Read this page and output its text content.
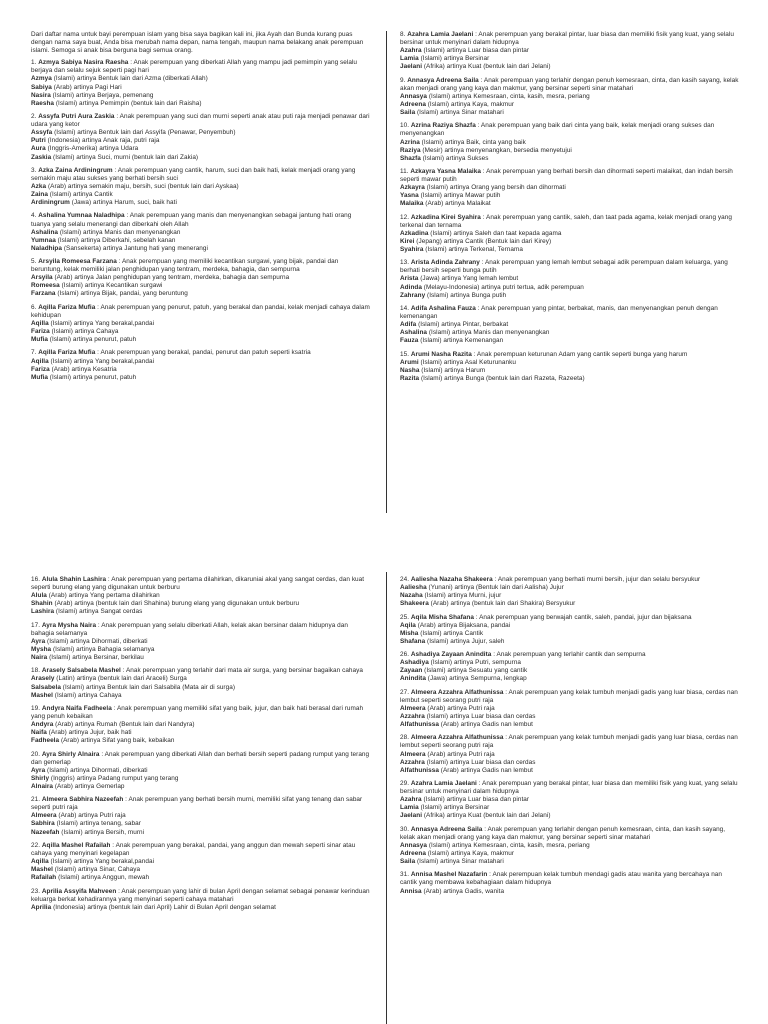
Dari daftar nama untuk bayi perempuan islam yang bisa saya bagikan kali ini, jika Ayah dan Bunda kurang puas dengan nama saya buat, Anda bisa merubah nama depan, nama tengah, maupun nama belakang anak perempuan islami. Semoga si anak bisa berguna bagi semua orang.

1. Azmya Sabiya Nasira Raesha : Anak perempuan yang diberkati Allah yang mampu jadi pemimpin yang selalu berjaya dan selalu sejuk seperti pagi hari

Azmya (Islami) artinya Bentuk lain dari Azma (diberkati Allah)
Sabiya (Arab) artinya Pagi Hari
Nasira (Islami) artinya Berjaya, pemenang
Raesha (Islami) artinya Pemimpin (bentuk lain dari Raisha)

2. Assyfa Putri Aura Zaskia : Anak perempuan yang suci dan murni seperti anak atau puti raja menjadi penawar dari udara yang ketor

Assyfa (Islami) artinya Bentuk lain dari Assyifa (Penawar, Penyembuh)
Putri (Indonesia) artinya Anak raja, putri raja
Aura (Inggris-Amerika) artinya Udara
Zaskia (Islami) artinya Suci, murni (bentuk lain dari Zakia)

3. Azka Zaina Ardiningrum : Anak perempuan yang cantik, harum, suci dan baik hati, kelak menjadi orang yang semakin maju atau sukses yang berhati bersih suci

Azka (Arab) artinya semakin maju, bersih, suci (bentuk lain dari Ayskaa)
Zaina (Islami) artinya Cantik
Ardiningrum (Jawa) artinya Harum, suci, baik hati

4. Ashalina Yumnaa Naladhipa : Anak perempuan yang manis dan menyenangkan sebagai jantung hati orang tuanya yang selalu menerangi dan diberkahi oleh Allah

Ashalina (Islami) artinya Manis dan menyenangkan
Yumnaa (Islami) artinya Diberkahi, sebelah kanan
Naladhipa (Sansekerta) artinya Jantung hati yang menerangi

5. Arsyila Romeesa Farzana : Anak perempuan yang memiliki kecantikan surgawi, yang bijak, pandai dan beruntung, kelak memiliki jalan penghidupan yang tentram, merdeka, bahagia, dan sempurna

Arsyila (Arab) artinya Jalan penghidupan yang tentram, merdeka, bahagia dan sempurna
Romeesa (Islami) artinya Kecantikan surgawi
Farzana (Islami) artinya Bijak, pandai, yang beruntung

6. Aqilla Fariza Mufia : Anak perempuan yang penurut, patuh, yang berakal dan pandai, kelak menjadi cahaya dalam kehidupan

Aqilla (Islami) artinya Yang berakal,pandai
Fariza (Islami) artinya Cahaya
Mufia (Islami) artinya penurut, patuh

7. Aqilla Fariza Mufia : Anak perempuan yang berakal, pandai, penurut dan patuh seperti ksatria

Aqilla (Islami) artinya Yang berakal,pandai
Fariza (Arab) artinya Kesatria
Mufia (Islami) artinya penurut, patuh

8. Azahra Lamia Jaelani : Anak perempuan yang berakal pintar, luar biasa dan memiliki fisik yang kuat, yang selalu bersinar untuk menyinari dalam hidupnya

Azahra (Islami) artinya Luar biasa dan pintar
Lamia (Islami) artinya Bersinar
Jaelani (Afrika) artinya Kuat (bentuk lain dari Jelani)

9. Annasya Adreena Saila : Anak perempuan yang terlahir dengan penuh kemesraan, cinta, dan kasih sayang, kelak akan menjadi orang yang kaya dan makmur, yang bersinar seperti sinar matahari

Annasya (Islami) artinya Kemesraan, cinta, kasih, mesra, periang
Adreena (Islami) artinya Kaya, makmur
Saila (Islami) artinya Sinar matahari

10. Azrina Raziya Shazfa : Anak perempuan yang baik dari cinta yang baik, kelak menjadi orang sukses dan menyenangkan

Azrina (Islami) artinya Baik, cinta yang baik
Raziya (Mesir) artinya menyenangkan, bersedia menyetujui
Shazfa (Islami) artinya Sukses

11. Azkayra Yasna Malaika : Anak perempuan yang berhati bersih dan dihormati seperti malaikat, dan indah bersih seperti mawar putih

Azkayra (Islami) artinya Orang yang bersih dan dihormati
Yasna (Islami) artinya Mawar putih
Malaika (Arab) artinya Malaikat

12. Azkadina Kirei Syahira : Anak perempuan yang cantik, saleh, dan taat pada agama, kelak menjadi orang yang terkenal dan ternama

Azkadina (Islami) artinya Saleh dan taat kepada agama
Kirei (Jepang) artinya Cantik (Bentuk lain dari Kirey)
Syahira (Islami) artinya Terkenal, Ternama

13. Arista Adinda Zahrany : Anak perempuan yang lemah lembut sebagai adik perempuan dalam keluarga, yang berhati bersih seperti bunga putih

Arista (Jawa) artinya Yang lemah lembut
Adinda (Melayu-Indonesia) artinya putri tertua, adik perempuan
Zahrany (Islami) artinya Bunga putih

14. Adifa Ashalina Fauza : Anak perempuan yang pintar, berbakat, manis, dan menyenangkan penuh dengan kemenangan

Adifa (Islami) artinya Pintar, berbakat
Ashalina (Islami) artinya Manis dan menyenangkan
Fauza (Islami) artinya Kemenangan

15. Arumi Nasha Razita : Anak perempuan keturunan Adam yang cantik seperti bunga yang harum

Arumi (Islami) artinya Asal Keturunanku
Nasha (Islami) artinya Harum
Razita (Islami) artinya Bunga (bentuk lain dari Razeta, Razeeta)

16. Alula Shahin Lashira : Anak perempuan yang pertama dilahirkan, dikaruniai akal yang sangat cerdas, dan kuat seperti burung elang yang digunakan untuk berburu

Alula (Arab) artinya Yang pertama dilahirkan
Shahin (Arab) artinya (bentuk lain dari Shahina) burung elang yang digunakan untuk berburu
Lashira (Islami) artinya Sangat cerdas

17. Ayra Mysha Naira : Anak perempuan yang selalu diberkati Allah, kelak akan bersinar dalam hidupnya dan bahagia selamanya

Ayra (Islami) artinya Dihormati, diberkati
Mysha (Islami) artinya Bahagia selamanya
Naira (Islami) artinya Bersinar, berkilau

18. Arasely Salsabela Mashel : Anak perempuan yang terlahir dari mata air surga, yang bersinar bagaikan cahaya

Arasely (Latin) artinya (bentuk lain dari Araceli) Surga
Salsabela (Islami) artinya Bentuk lain dari Salsabila (Mata air di surga)
Mashel (Islami) artinya Cahaya

19. Andyra Naifa Fadheela : Anak perempuan yang memiliki sifat yang baik, jujur, dan baik hati berasal dari rumah yang penuh kebaikan

Andyra (Arab) artinya Rumah (Bentuk lain dari Nandyra)
Naifa (Arab) artinya Jujur, baik hati
Fadheela (Arab) artinya Sifat yang baik, kebaikan

20. Ayra Shirly Alnaira : Anak perempuan yang diberkati Allah dan berhati bersih seperti padang rumput yang terang dan gemerlap

Ayra (Islami) artinya Dihormati, diberkati
Shirly (Inggris) artinya Padang rumput yang terang
Alnaira (Arab) artinya Gemerlap

21. Almeera Sabhira Nazeefah : Anak perempuan yang berhati bersih murni, memiliki sifat yang tenang dan sabar seperti putri raja

Almeera (Arab) artinya Putri raja
Sabhira (Islami) artinya tenang, sabar
Nazeefah (Islami) artinya Bersih, murni

22. Aqilla Mashel Rafailah : Anak perempuan yang berakal, pandai, yang anggun dan mewah seperti sinar atau cahaya yang menyinari kegelapan

Aqilla (Islami) artinya Yang berakal,pandai
Mashel (Islami) artinya Sinar, Cahaya
Rafailah (Islami) artinya Anggun, mewah

23. Aprilia Assyifa Mahveen : Anak perempuan yang lahir di bulan April dengan selamat sebagai penawar kerinduan keluarga berkat kehadirannya yang menyinari seperti cahaya matahari

Aprilia (Indonesia) artinya (bentuk lain dari April) Lahir di Bulan April dengan selamat

24. Aaliesha Nazaha Shakeera : Anak perempuan yang berhati murni bersih, jujur dan selalu bersyukur

Aaliesha (Yunani) artinya (Bentuk lain dari Aalisha) Jujur
Nazaha (Islami) artinya Murni, jujur
Shakeera (Arab) artinya (bentuk lain dari Shakira) Bersyukur

25. Aqila Misha Shafana : Anak perempuan yang berwajah cantik, saleh, pandai, jujur dan bijaksana

Aqila (Arab) artinya Bijaksana, pandai
Misha (Islami) artinya Cantik
Shafana (Islami) artinya Jujur, saleh

26. Ashadiya Zayaan Anindita : Anak perempuan yang terlahir cantik dan sempurna

Ashadiya (Islami) artinya Putri, sempurna
Zayaan (Islami) artinya Sesuatu yang cantik
Anindita (Jawa) artinya Sempurna, lengkap

27. Almeera Azzahra Alfathunissa : Anak perempuan yang kelak tumbuh menjadi gadis yang luar biasa, cerdas nan lembut seperti seorang putri raja

Almeera (Arab) artinya Putri raja
Azzahra (Islami) artinya Luar biasa dan cerdas
Alfathunissa (Arab) artinya Gadis nan lembut

28. Almeera Azzahra Alfathunissa : Anak perempuan yang kelak tumbuh menjadi gadis yang luar biasa, cerdas nan lembut seperti seorang putri raja

Almeera (Arab) artinya Putri raja
Azzahra (Islami) artinya Luar biasa dan cerdas
Alfathunissa (Arab) artinya Gadis nan lembut

29. Azahra Lamia Jaelani : Anak perempuan yang berakal pintar, luar biasa dan memiliki fisik yang kuat, yang selalu bersinar untuk menyinari dalam hidupnya

Azahra (Islami) artinya Luar biasa dan pintar
Lamia (Islami) artinya Bersinar
Jaelani (Afrika) artinya Kuat (bentuk lain dari Jelani)

30. Annasya Adreena Saila : Anak perempuan yang terlahir dengan penuh kemesraan, cinta, dan kasih sayang, kelak akan menjadi orang yang kaya dan makmur, yang bersinar seperti sinar matahari

Annasya (Islami) artinya Kemesraan, cinta, kasih, mesra, periang
Adreena (Islami) artinya Kaya, makmur
Saila (Islami) artinya Sinar matahari

31. Annisa Mashel Nazafarin : Anak perempuan kelak tumbuh mendagi gadis atau wanita yang bercahaya nan cantik yang membawa kebahagiaan dalam hidupnya

Annisa (Arab) artinya Gadis, wanita
